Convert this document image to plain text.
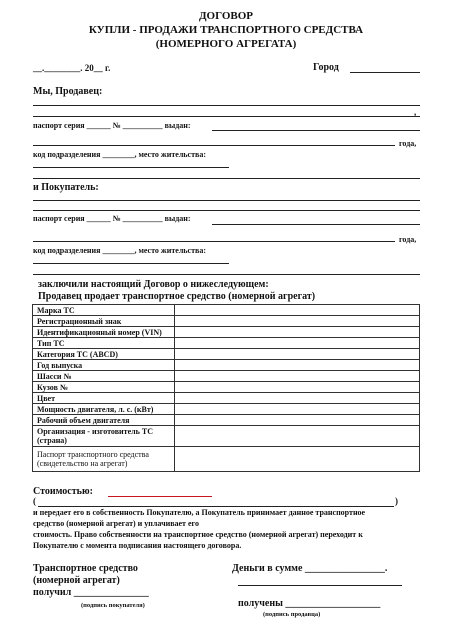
ДОГОВОР
КУПЛИ - ПРОДАЖИ ТРАНСПОРТНОГО СРЕДСТВА
(НОМЕРНОГО АГРЕГАТА)
__.________. 20__ г.	Город
Мы, Продавец:
,
паспорт серия ______ № __________ выдан:
года,
код подразделения ________, место жительства:
и Покупатель:
паспорт серия ______ № __________ выдан:
года,
код подразделения ________, место жительства:
заключили настоящий Договор о нижеследующем:
Продавец продает транспортное средство (номерной агрегат)
Марка ТС	
Регистрационный знак	
Идентификационный номер (VIN)	
Тип ТС	
Категория ТС (ABCD)	
Год выпуска	
Шасси №	
Кузов №	
Цвет	
Мощность двигателя, л. с. (кВт)	
Рабочий объем двигателя	
Организация - изготовитель ТС
(страна)	
Паспорт транспортного средства
(свидетельство на агрегат)	
Стоимостью:
(	)
и передает его в собственность Покупателю, а Покупатель принимает данное транспортное
средство (номерной агрегат) и уплачивает его
стоимость. Право собственности на транспортное средство (номерной агрегат) переходит к
Покупателю с момента подписания настоящего договора.
Транспортное средство
(номерной агрегат)
получил _______________
(подпись покупателя)
Деньги в сумме ________________.
получены ___________________
(подпись продавца)
